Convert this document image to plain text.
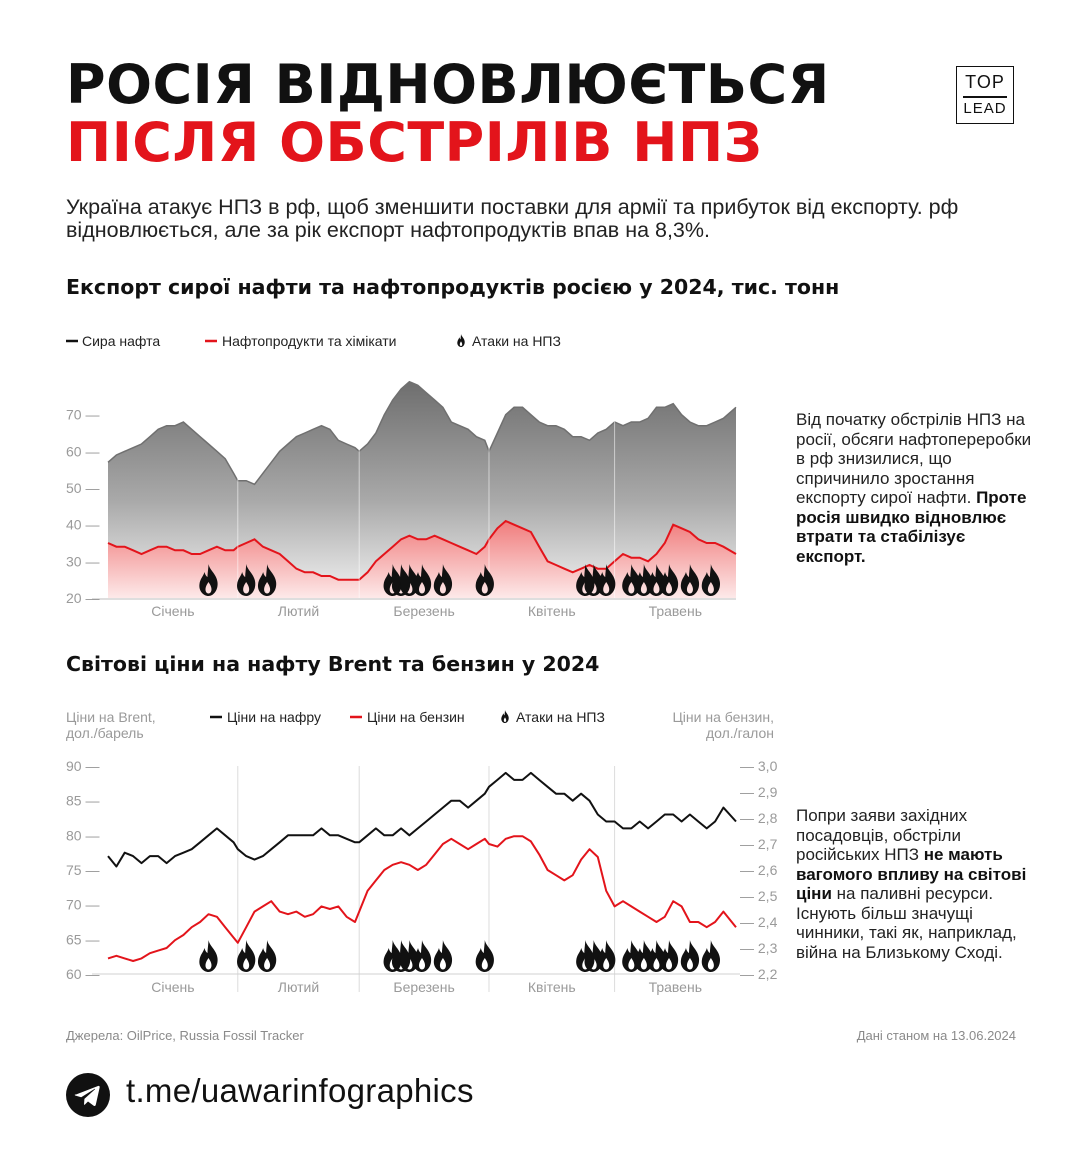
РОСІЯ ВІДНОВЛЮЄТЬСЯ
ПІСЛЯ ОБСТРІЛІВ НПЗ
TOP
LEAD
Україна атакує НПЗ в рф, щоб зменшити поставки для армії та прибуток від експорту. рф відновлюється, але за рік експорт нафтопродуктів впав на 8,3%.
Експорт сирої нафти та нафтопродуктів росією у 2024, тис. тонн
Сира нафта	Нафтопродукти та хімікати	Атаки на НПЗ
70 —
60 —
50 —
40 —
30 —
20 —
Січень	Лютий	Березень	Квітень	Травень
Від початку обстрілів НПЗ на росії, обсяги нафтопереробки в рф знизилися, що спричинило зростання експорту сирої нафти. Проте росія швидко відновлює втрати та стабілізує експорт.
Світові ціни на нафту Brent та бензин у 2024
Ціни на Brent, дол./барель
Ціни на бензин, дол./галон
Ціни на нафру	Ціни на бензин	Атаки на НПЗ
90 —
85 —
80 —
75 —
70 —
65 —
60 —
— 3,0
— 2,9
— 2,8
— 2,7
— 2,6
— 2,5
— 2,4
— 2,3
— 2,2
Січень	Лютий	Березень	Квітень	Травень
Попри заяви західних посадовців, обстріли російських НПЗ не мають вагомого впливу на світові ціни на паливні ресурси. Існують більш значущі чинники, такі як, наприклад, війна на Близькому Сході.
Джерела: OilPrice, Russia Fossil Tracker	Дані станом на 13.06.2024
t.me/uawarinfographics
